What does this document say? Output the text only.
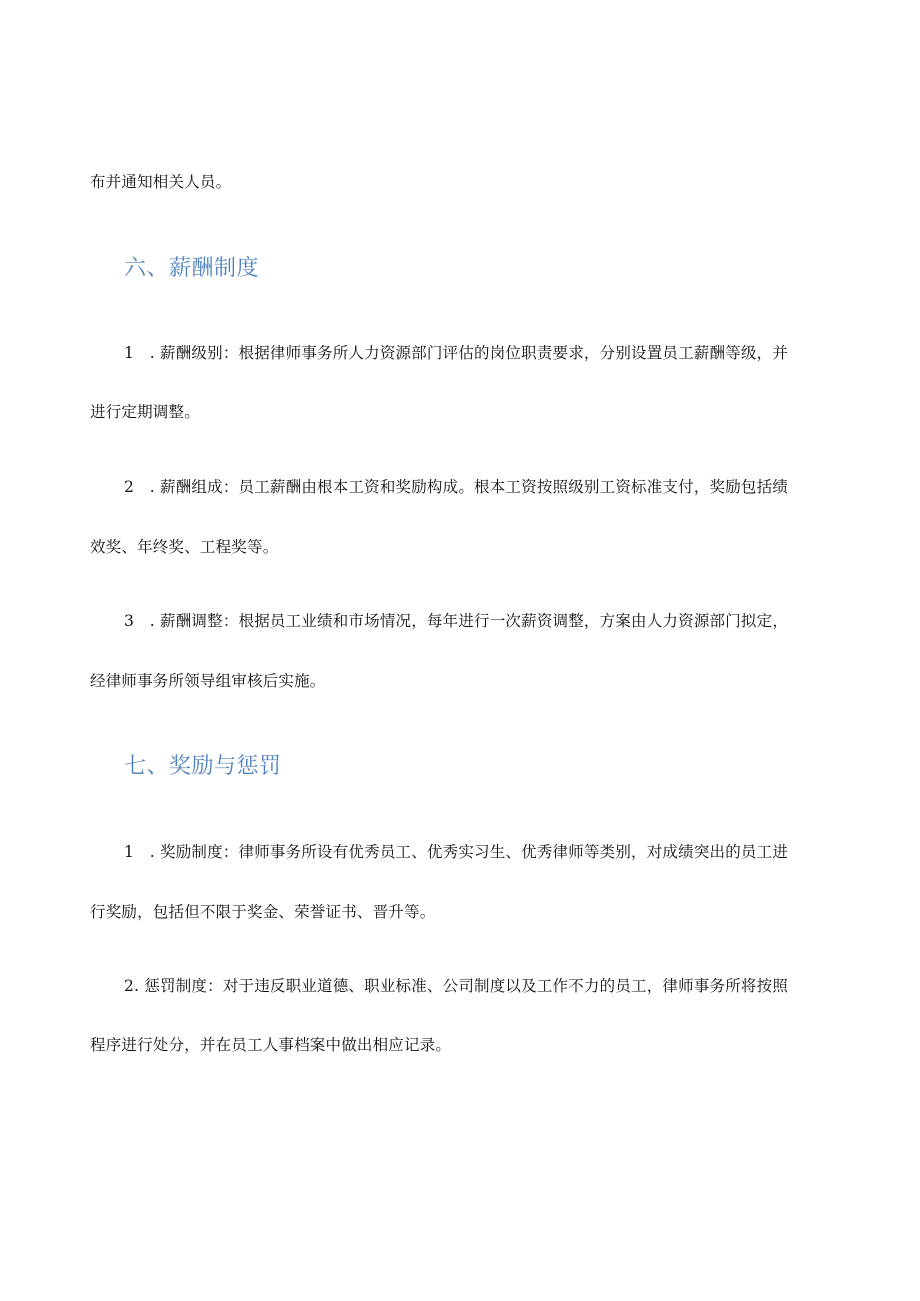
布并通知相关人员。
六、薪酬制度
1　. 薪酬级别：根据律师事务所人力资源部门评估的岗位职责要求，分别设置员工薪酬等级，并
进行定期调整。
2　. 薪酬组成：员工薪酬由根本工资和奖励构成。根本工资按照级别工资标准支付，奖励包括绩
效奖、年终奖、工程奖等。
3　. 薪酬调整：根据员工业绩和市场情况，每年进行一次薪资调整，方案由人力资源部门拟定，
经律师事务所领导组审核后实施。
七、奖励与惩罚
1　. 奖励制度：律师事务所设有优秀员工、优秀实习生、优秀律师等类别，对成绩突出的员工进
行奖励，包括但不限于奖金、荣誉证书、晋升等。
2. 惩罚制度：对于违反职业道德、职业标准、公司制度以及工作不力的员工，律师事务所将按照
程序进行处分，并在员工人事档案中做出相应记录。
